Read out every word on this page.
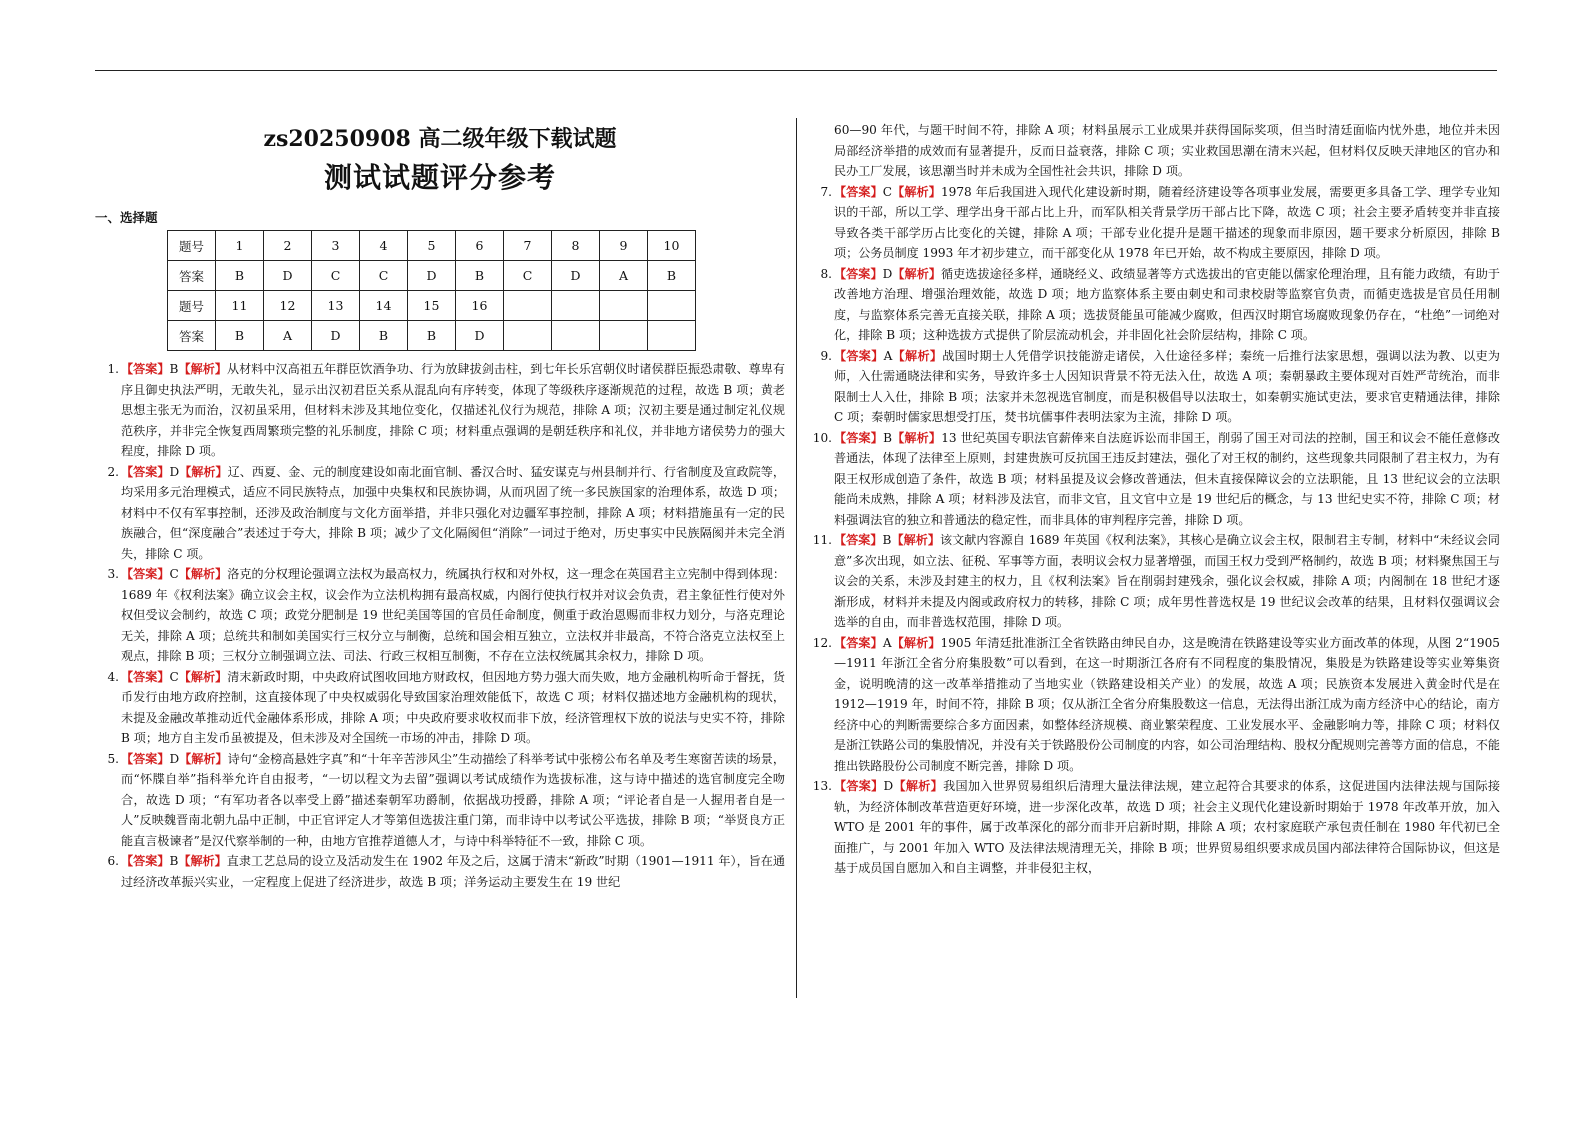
zs20250908 高二级年级下载试题
测试试题评分参考
一、选择题
题号	1	2	3	4	5	6	7	8	9	10
答案	B	D	C	C	D	B	C	D	A	B
题号	11	12	13	14	15	16				
答案	B	A	D	B	B	D				
1. 【答案】B【解析】从材料中汉高祖五年群臣饮酒争功、行为放肆拔剑击柱，到七年长乐宫朝仪时诸侯群臣振恐肃敬、尊卑有序且御史执法严明，无敢失礼，显示出汉初君臣关系从混乱向有序转变，体现了等级秩序逐渐规范的过程，故选 B 项；黄老思想主张无为而治，汉初虽采用，但材料未涉及其地位变化，仅描述礼仪行为规范，排除 A 项；汉初主要是通过制定礼仪规范秩序，并非完全恢复西周繁琐完整的礼乐制度，排除 C 项；材料重点强调的是朝廷秩序和礼仪，并非地方诸侯势力的强大程度，排除 D 项。
2. 【答案】D【解析】辽、西夏、金、元的制度建设如南北面官制、番汉合时、猛安谋克与州县制并行、行省制度及宣政院等，均采用多元治理模式，适应不同民族特点，加强中央集权和民族协调，从而巩固了统一多民族国家的治理体系，故选 D 项；材料中不仅有军事控制，还涉及政治制度与文化方面举措，并非只强化对边疆军事控制，排除 A 项；材料措施虽有一定的民族融合，但“深度融合”表述过于夸大，排除 B 项；减少了文化隔阂但“消除”一词过于绝对，历史事实中民族隔阂并未完全消失，排除 C 项。
3. 【答案】C【解析】洛克的分权理论强调立法权为最高权力，统属执行权和对外权，这一理念在英国君主立宪制中得到体现：1689 年《权利法案》确立议会主权，议会作为立法机构拥有最高权威，内阁行使执行权并对议会负责，君主象征性行使对外权但受议会制约，故选 C 项；政党分肥制是 19 世纪美国等国的官员任命制度，侧重于政治恩赐而非权力划分，与洛克理论无关，排除 A 项；总统共和制如美国实行三权分立与制衡，总统和国会相互独立，立法权并非最高，不符合洛克立法权至上观点，排除 B 项；三权分立制强调立法、司法、行政三权相互制衡，不存在立法权统属其余权力，排除 D 项。
4. 【答案】C【解析】清末新政时期，中央政府试图收回地方财政权，但因地方势力强大而失败，地方金融机构听命于督抚，货币发行由地方政府控制，这直接体现了中央权威弱化导致国家治理效能低下，故选 C 项；材料仅描述地方金融机构的现状，未提及金融改革推动近代金融体系形成，排除 A 项；中央政府要求收权而非下放，经济管理权下放的说法与史实不符，排除 B 项；地方自主发币虽被提及，但未涉及对全国统一市场的冲击，排除 D 项。
5. 【答案】D【解析】诗句“金榜高悬姓字真”和“十年辛苦涉风尘”生动描绘了科举考试中张榜公布名单及考生寒窗苦读的场景，而“怀牒自举”指科举允许自由报考，“一切以程文为去留”强调以考试成绩作为选拔标准，这与诗中描述的选官制度完全吻合，故选 D 项；“有军功者各以率受上爵”描述秦朝军功爵制，依据战功授爵，排除 A 项；“评论者自是一人握用者自是一人”反映魏晋南北朝九品中正制，中正官评定人才等第但选拔注重门第，而非诗中以考试公平选拔，排除 B 项；“举贤良方正能直言极谏者”是汉代察举制的一种，由地方官推荐道德人才，与诗中科举特征不一致，排除 C 项。
6. 【答案】B【解析】直隶工艺总局的设立及活动发生在 1902 年及之后，这属于清末“新政”时期（1901—1911 年），旨在通过经济改革振兴实业，一定程度上促进了经济进步，故选 B 项；洋务运动主要发生在 19 世纪
60—90 年代，与题干时间不符，排除 A 项；材料虽展示工业成果并获得国际奖项，但当时清廷面临内忧外患，地位并未因局部经济举措的成效而有显著提升，反而日益衰落，排除 C 项；实业救国思潮在清末兴起，但材料仅反映天津地区的官办和民办工厂发展，该思潮当时并未成为全国性社会共识，排除 D 项。
7. 【答案】C【解析】1978 年后我国进入现代化建设新时期，随着经济建设等各项事业发展，需要更多具备工学、理学专业知识的干部，所以工学、理学出身干部占比上升，而军队相关背景学历干部占比下降，故选 C 项；社会主要矛盾转变并非直接导致各类干部学历占比变化的关键，排除 A 项；干部专业化提升是题干描述的现象而非原因，题干要求分析原因，排除 B 项；公务员制度 1993 年才初步建立，而干部变化从 1978 年已开始，故不构成主要原因，排除 D 项。
8. 【答案】D【解析】循吏选拔途径多样，通晓经义、政绩显著等方式选拔出的官吏能以儒家伦理治理，且有能力政绩，有助于改善地方治理、增强治理效能，故选 D 项；地方监察体系主要由刺史和司隶校尉等监察官负责，而循吏选拔是官员任用制度，与监察体系完善无直接关联，排除 A 项；选拔贤能虽可能减少腐败，但西汉时期官场腐败现象仍存在，“杜绝”一词绝对化，排除 B 项；这种选拔方式提供了阶层流动机会，并非固化社会阶层结构，排除 C 项。
9. 【答案】A【解析】战国时期士人凭借学识技能游走诸侯，入仕途径多样；秦统一后推行法家思想，强调以法为教、以吏为师，入仕需通晓法律和实务，导致许多士人因知识背景不符无法入仕，故选 A 项；秦朝暴政主要体现对百姓严苛统治，而非限制士人入仕，排除 B 项；法家并未忽视选官制度，而是积极倡导以法取士，如秦朝实施试吏法，要求官吏精通法律，排除 C 项；秦朝时儒家思想受打压，焚书坑儒事件表明法家为主流，排除 D 项。
10. 【答案】B【解析】13 世纪英国专职法官薪俸来自法庭诉讼而非国王，削弱了国王对司法的控制，国王和议会不能任意修改普通法，体现了法律至上原则，封建贵族可反抗国王违反封建法，强化了对王权的制约，这些现象共同限制了君主权力，为有限王权形成创造了条件，故选 B 项；材料虽提及议会修改普通法，但未直接保障议会的立法职能，且 13 世纪议会的立法职能尚未成熟，排除 A 项；材料涉及法官，而非文官，且文官中立是 19 世纪后的概念，与 13 世纪史实不符，排除 C 项；材料强调法官的独立和普通法的稳定性，而非具体的审判程序完善，排除 D 项。
11. 【答案】B【解析】该文献内容源自 1689 年英国《权利法案》，其核心是确立议会主权，限制君主专制，材料中“未经议会同意”多次出现，如立法、征税、军事等方面，表明议会权力显著增强，而国王权力受到严格制约，故选 B 项；材料聚焦国王与议会的关系，未涉及封建主的权力，且《权利法案》旨在削弱封建残余，强化议会权威，排除 A 项；内阁制在 18 世纪才逐渐形成，材料并未提及内阁或政府权力的转移，排除 C 项；成年男性普选权是 19 世纪议会改革的结果，且材料仅强调议会选举的自由，而非普选权范围，排除 D 项。
12. 【答案】A【解析】1905 年清廷批准浙江全省铁路由绅民自办，这是晚清在铁路建设等实业方面改革的体现，从图 2“1905—1911 年浙江全省分府集股数”可以看到，在这一时期浙江各府有不同程度的集股情况，集股是为铁路建设等实业筹集资金，说明晚清的这一改革举措推动了当地实业（铁路建设相关产业）的发展，故选 A 项；民族资本发展进入黄金时代是在 1912—1919 年，时间不符，排除 B 项；仅从浙江全省分府集股数这一信息，无法得出浙江成为南方经济中心的结论，南方经济中心的判断需要综合多方面因素，如整体经济规模、商业繁荣程度、工业发展水平、金融影响力等，排除 C 项；材料仅是浙江铁路公司的集股情况，并没有关于铁路股份公司制度的内容，如公司治理结构、股权分配规则完善等方面的信息，不能推出铁路股份公司制度不断完善，排除 D 项。
13. 【答案】D【解析】我国加入世界贸易组织后清理大量法律法规，建立起符合其要求的体系，这促进国内法律法规与国际接轨，为经济体制改革营造更好环境，进一步深化改革，故选 D 项；社会主义现代化建设新时期始于 1978 年改革开放，加入 WTO 是 2001 年的事件，属于改革深化的部分而非开启新时期，排除 A 项；农村家庭联产承包责任制在 1980 年代初已全面推广，与 2001 年加入 WTO 及法律法规清理无关，排除 B 项；世界贸易组织要求成员国内部法律符合国际协议，但这是基于成员国自愿加入和自主调整，并非侵犯主权，
